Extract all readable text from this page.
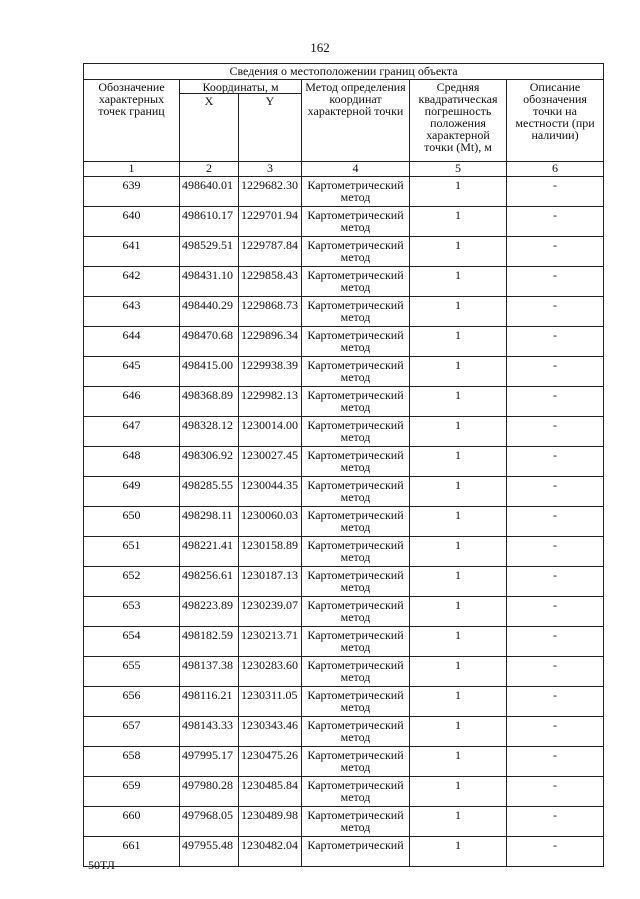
162
Сведения о местоположении границ объекта					
Обозначение характерных точек границ	Координаты, м		Метод определения координат характерной точки	Средняя квадратическая погрешность положения характерной точки (Mt), м	Описание обозначения точки на местности (при наличии)
	X	Y			
1	2	3	4	5	6
639	498640.01	1229682.30	Картометрический метод	1	-
640	498610.17	1229701.94	Картометрический метод	1	-
641	498529.51	1229787.84	Картометрический метод	1	-
642	498431.10	1229858.43	Картометрический метод	1	-
643	498440.29	1229868.73	Картометрический метод	1	-
644	498470.68	1229896.34	Картометрический метод	1	-
645	498415.00	1229938.39	Картометрический метод	1	-
646	498368.89	1229982.13	Картометрический метод	1	-
647	498328.12	1230014.00	Картометрический метод	1	-
648	498306.92	1230027.45	Картометрический метод	1	-
649	498285.55	1230044.35	Картометрический метод	1	-
650	498298.11	1230060.03	Картометрический метод	1	-
651	498221.41	1230158.89	Картометрический метод	1	-
652	498256.61	1230187.13	Картометрический метод	1	-
653	498223.89	1230239.07	Картометрический метод	1	-
654	498182.59	1230213.71	Картометрический метод	1	-
655	498137.38	1230283.60	Картометрический метод	1	-
656	498116.21	1230311.05	Картометрический метод	1	-
657	498143.33	1230343.46	Картометрический метод	1	-
658	497995.17	1230475.26	Картометрический метод	1	-
659	497980.28	1230485.84	Картометрический метод	1	-
660	497968.05	1230489.98	Картометрический метод	1	-
661	497955.48	1230482.04	Картометрический	1	-
50ТЛ
